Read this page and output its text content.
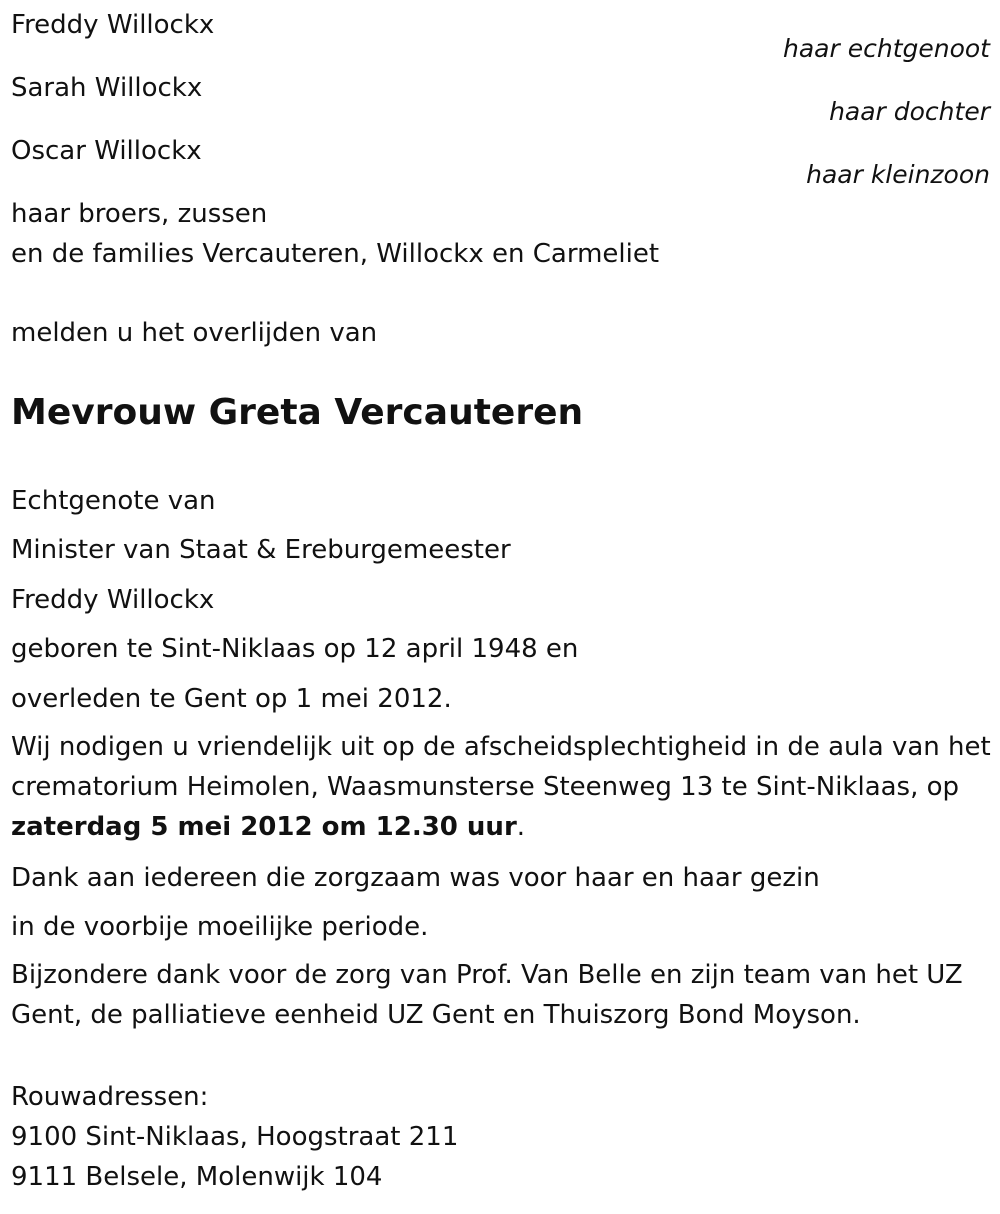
Freddy Willockx
haar echtgenoot
Sarah Willockx
haar dochter
Oscar Willockx
haar kleinzoon
haar broers, zussen
en de families Vercauteren, Willockx en Carmeliet
melden u het overlijden van
Mevrouw Greta Vercauteren
Echtgenote van
Minister van Staat & Ereburgemeester
Freddy Willockx
geboren te Sint-Niklaas op 12 april 1948 en
overleden te Gent op 1 mei 2012.
Wij nodigen u vriendelijk uit op de afscheidsplechtigheid in de aula van het crematorium Heimolen, Waasmunsterse Steenweg 13 te Sint-Niklaas, op zaterdag 5 mei 2012 om 12.30 uur.
Dank aan iedereen die zorgzaam was voor haar en haar gezin
in de voorbije moeilijke periode.
Bijzondere dank voor de zorg van Prof. Van Belle en zijn team van het UZ Gent, de palliatieve eenheid UZ Gent en Thuiszorg Bond Moyson.
Rouwadressen:
9100 Sint-Niklaas, Hoogstraat 211
9111 Belsele, Molenwijk 104
